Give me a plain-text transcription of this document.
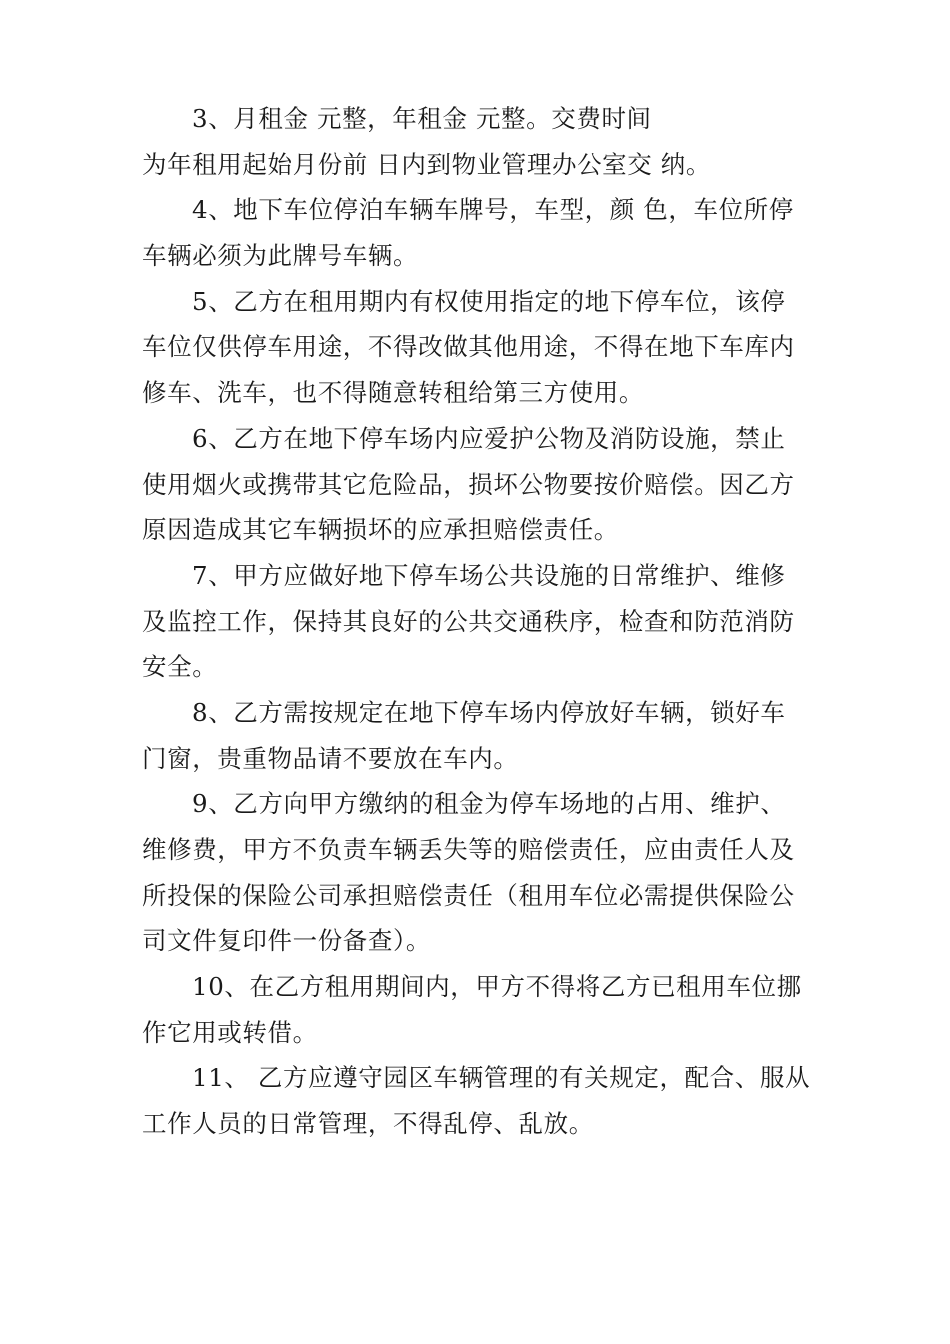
3、月租金 元整，年租金 元整。交费时间
为年租用起始月份前 日内到物业管理办公室交 纳。
4、地下车位停泊车辆车牌号，车型，颜 色，车位所停
车辆必须为此牌号车辆。
5、乙方在租用期内有权使用指定的地下停车位，该停
车位仅供停车用途，不得改做其他用途，不得在地下车库内
修车、洗车，也不得随意转租给第三方使用。
6、乙方在地下停车场内应爱护公物及消防设施，禁止
使用烟火或携带其它危险品，损坏公物要按价赔偿。因乙方
原因造成其它车辆损坏的应承担赔偿责任。
7、甲方应做好地下停车场公共设施的日常维护、维修
及监控工作，保持其良好的公共交通秩序，检查和防范消防
安全。
8、乙方需按规定在地下停车场内停放好车辆，锁好车
门窗，贵重物品请不要放在车内。
9、乙方向甲方缴纳的租金为停车场地的占用、维护、
维修费，甲方不负责车辆丢失等的赔偿责任，应由责任人及
所投保的保险公司承担赔偿责任（租用车位必需提供保险公
司文件复印件一份备查）。
10、在乙方租用期间内，甲方不得将乙方已租用车位挪
作它用或转借。
11、 乙方应遵守园区车辆管理的有关规定，配合、服从
工作人员的日常管理，不得乱停、乱放。
